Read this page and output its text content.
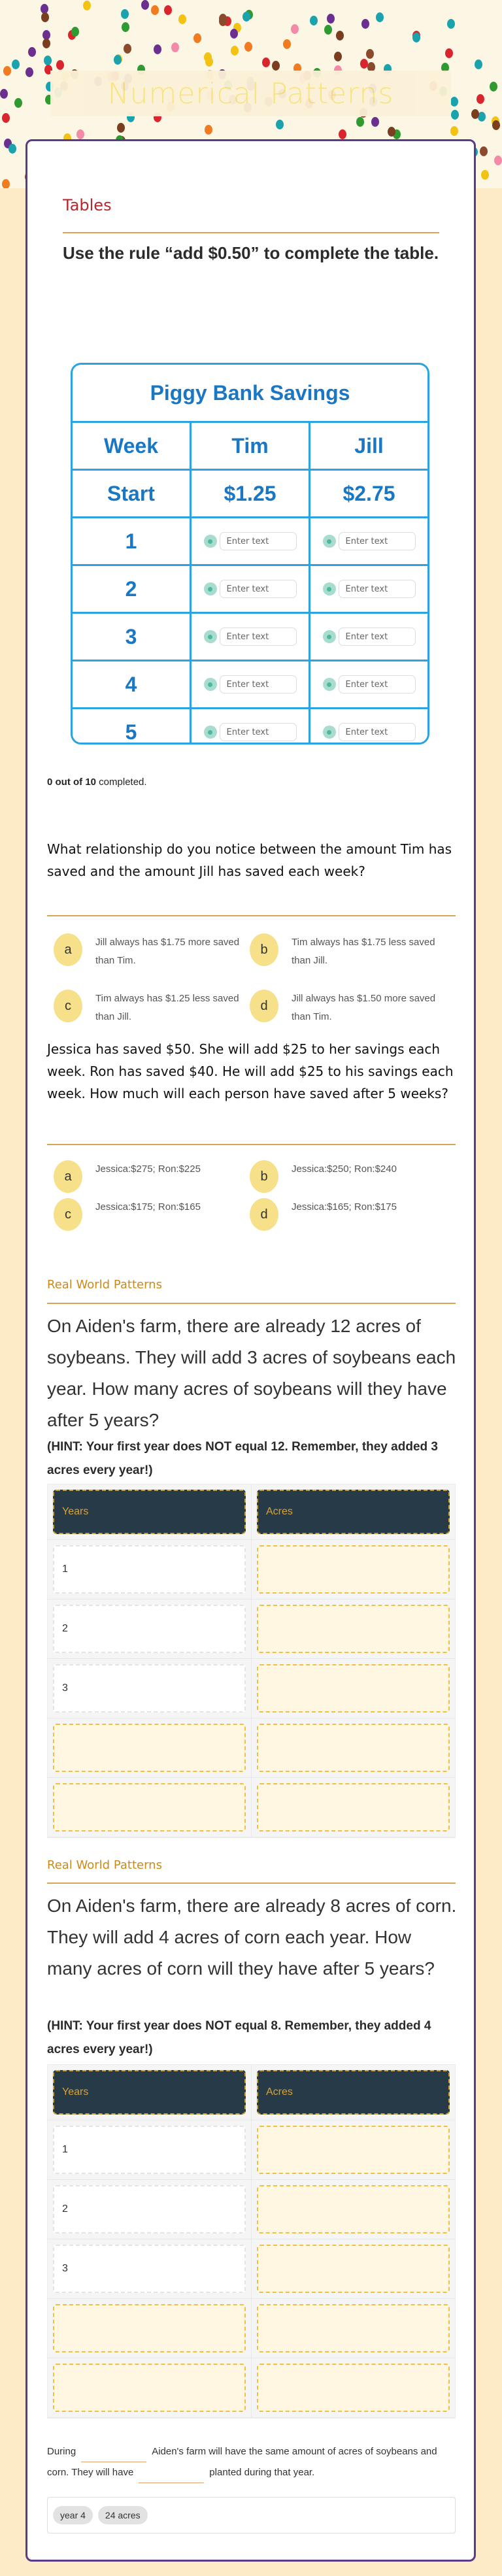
Numerical Patterns
Tables
Use the rule “add $0.50” to complete the table.
Piggy Bank Savings
Week	Tim	Jill
Start	$1.25	$2.75
1	Enter text	Enter text
2	Enter text	Enter text
3	Enter text	Enter text
4	Enter text	Enter text
5	Enter text	Enter text
0 out of 10 completed.
What relationship do you notice between the amount Tim has saved and the amount Jill has saved each week?
a	Jill always has $1.75 more saved than Tim.
b	Tim always has $1.75 less saved than Jill.
c	Tim always has $1.25 less saved than Jill.
d	Jill always has $1.50 more saved than Tim.
Jessica has saved $50. She will add $25 to her savings each week. Ron has saved $40. He will add $25 to his savings each week. How much will each person have saved after 5 weeks?
a	Jessica:$275; Ron:$225	b	Jessica:$250; Ron:$240
c	Jessica:$175; Ron:$165	d	Jessica:$165; Ron:$175
Real World Patterns
On Aiden's farm, there are already 12 acres of soybeans. They will add 3 acres of soybeans each year. How many acres of soybeans will they have after 5 years?
(HINT: Your first year does NOT equal 12. Remember, they added 3 acres every year!)
Years	Acres
1
2
3
Real World Patterns
On Aiden's farm, there are already 8 acres of corn. They will add 4 acres of corn each year. How many acres of corn will they have after 5 years?
(HINT: Your first year does NOT equal 8. Remember, they added 4 acres every year!)
Years	Acres
1
2
3
During	Aiden's farm will have the same amount of acres of soybeans and corn. They will have	planted during that year.
year 4	24 acres
